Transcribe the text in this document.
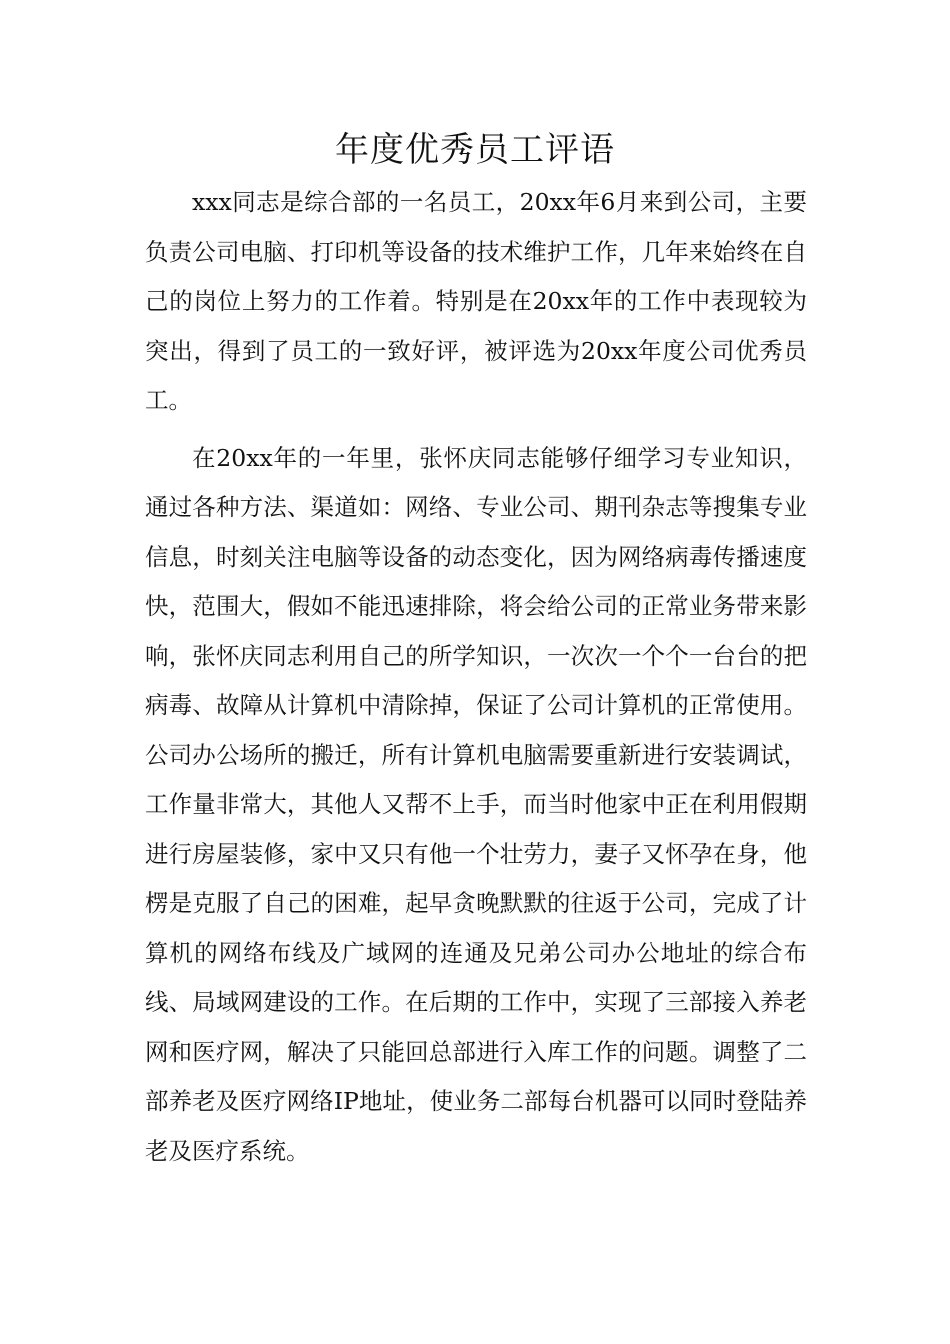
年度优秀员工评语

xxx同志是综合部的一名员工，20xx年6月来到公司，主要负责公司电脑、打印机等设备的技术维护工作，几年来始终在自己的岗位上努力的工作着。特别是在20xx年的工作中表现较为突出，得到了员工的一致好评，被评选为20xx年度公司优秀员工。

在20xx年的一年里，张怀庆同志能够仔细学习专业知识，通过各种方法、渠道如：网络、专业公司、期刊杂志等搜集专业信息，时刻关注电脑等设备的动态变化，因为网络病毒传播速度快，范围大，假如不能迅速排除，将会给公司的正常业务带来影响，张怀庆同志利用自己的所学知识，一次次一个个一台台的把病毒、故障从计算机中清除掉，保证了公司计算机的正常使用。公司办公场所的搬迁，所有计算机电脑需要重新进行安装调试，工作量非常大，其他人又帮不上手，而当时他家中正在利用假期进行房屋装修，家中又只有他一个壮劳力，妻子又怀孕在身，他楞是克服了自己的困难，起早贪晚默默的往返于公司，完成了计算机的网络布线及广域网的连通及兄弟公司办公地址的综合布线、局域网建设的工作。在后期的工作中，实现了三部接入养老网和医疗网，解决了只能回总部进行入库工作的问题。调整了二部养老及医疗网络IP地址，使业务二部每台机器可以同时登陆养老及医疗系统。
